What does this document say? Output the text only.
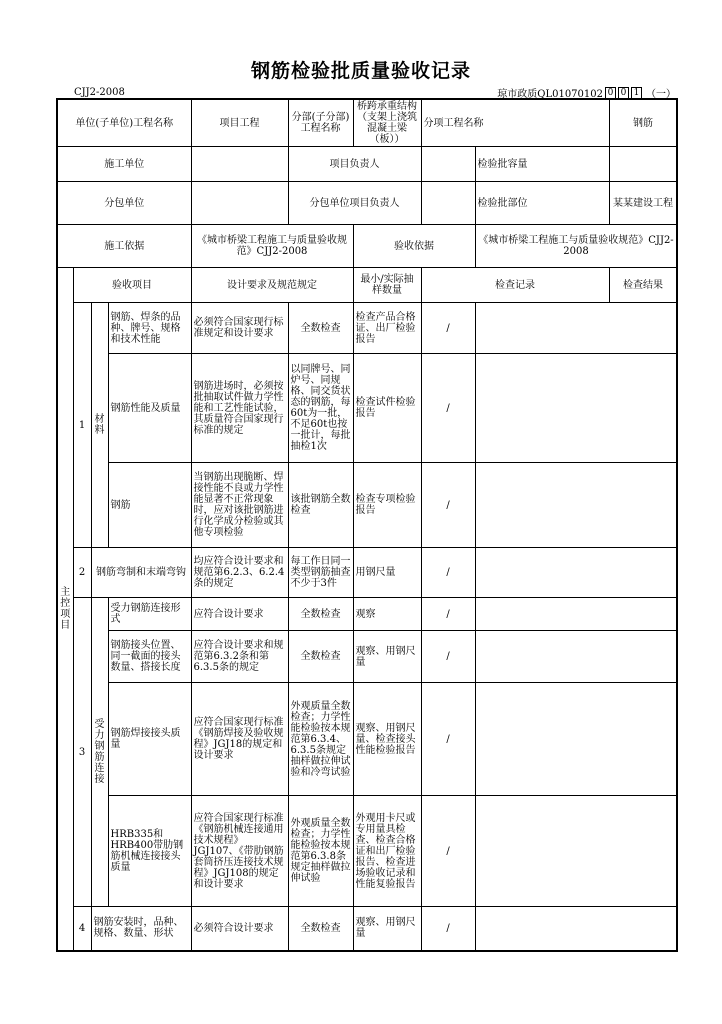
钢筋检验批质量验收记录
CJJ2-2008	琼市政质QL01070102 0 0 1 （一）
单位(子单位)工程名称				项目工程	分部(子分部)工程名称	桥跨承重结构（支架上浇筑混凝土梁（板））	分项工程名称		钢筋	
施工单位					项目负责人			检验批容量		
分包单位					分包单位项目负责人			检验批部位	某某建设工程	
施工依据				《城市桥梁工程施工与质量验收规范》CJJ2-2008		验收依据		《城市桥梁工程施工与质量验收规范》CJJ2-2008		
主控项目	验收项目			设计要求及规范规定		最小/实际抽样数量	检查记录		检查结果	
	1	材料	钢筋、焊条的品种、牌号、规格和技术性能	必须符合国家现行标准规定和设计要求	全数检查	检查产品合格证、出厂检验报告	/			
			钢筋性能及质量	钢筋进场时，必须按批抽取试件做力学性能和工艺性能试验，其质量符合国家现行标准的规定	以同牌号、同炉号、同规格、同交货状态的钢筋，每60t为一批，不足60t也按一批计，每批抽检1次	检查试件检验报告	/			
			钢筋	当钢筋出现脆断、焊接性能不良或力学性能显著不正常现象时，应对该批钢筋进行化学成分检验或其他专项检验	该批钢筋全数检查	检查专项检验报告	/			
	2	钢筋弯制和末端弯钩		均应符合设计要求和规范第6.2.3、6.2.4条的规定	每工作日同一类型钢筋抽查不少于3件	用钢尺量	/			
	3	受力钢筋连接	受力钢筋连接形式	应符合设计要求	全数检查	观察	/			
			钢筋接头位置、同一截面的接头数量、搭接长度	应符合设计要求和规范第6.3.2条和第6.3.5条的规定	全数检查	观察、用钢尺量	/			
			钢筋焊接接头质量	应符合国家现行标准《钢筋焊接及验收规程》JGJ18的规定和设计要求	外观质量全数检查；力学性能检验按本规范第6.3.4、6.3.5条规定抽样做拉伸试验和冷弯试验	观察、用钢尺量、检查接头性能检验报告	/			
			HRB335和HRB400带肋钢筋机械连接接头质量	应符合国家现行标准《钢筋机械连接通用技术规程》JGJ107、《带肋钢筋套筒挤压连接技术规程》JGJ108的规定和设计要求	外观质量全数检查；力学性能检验按本规范第6.3.8条规定抽样做拉伸试验	外观用卡尺或专用量具检查、检查合格证和出厂检验报告、检查进场验收记录和性能复验报告	/			
	4	钢筋安装时，品种、规格、数量、形状		必须符合设计要求	全数检查	观察、用钢尺量	/			
